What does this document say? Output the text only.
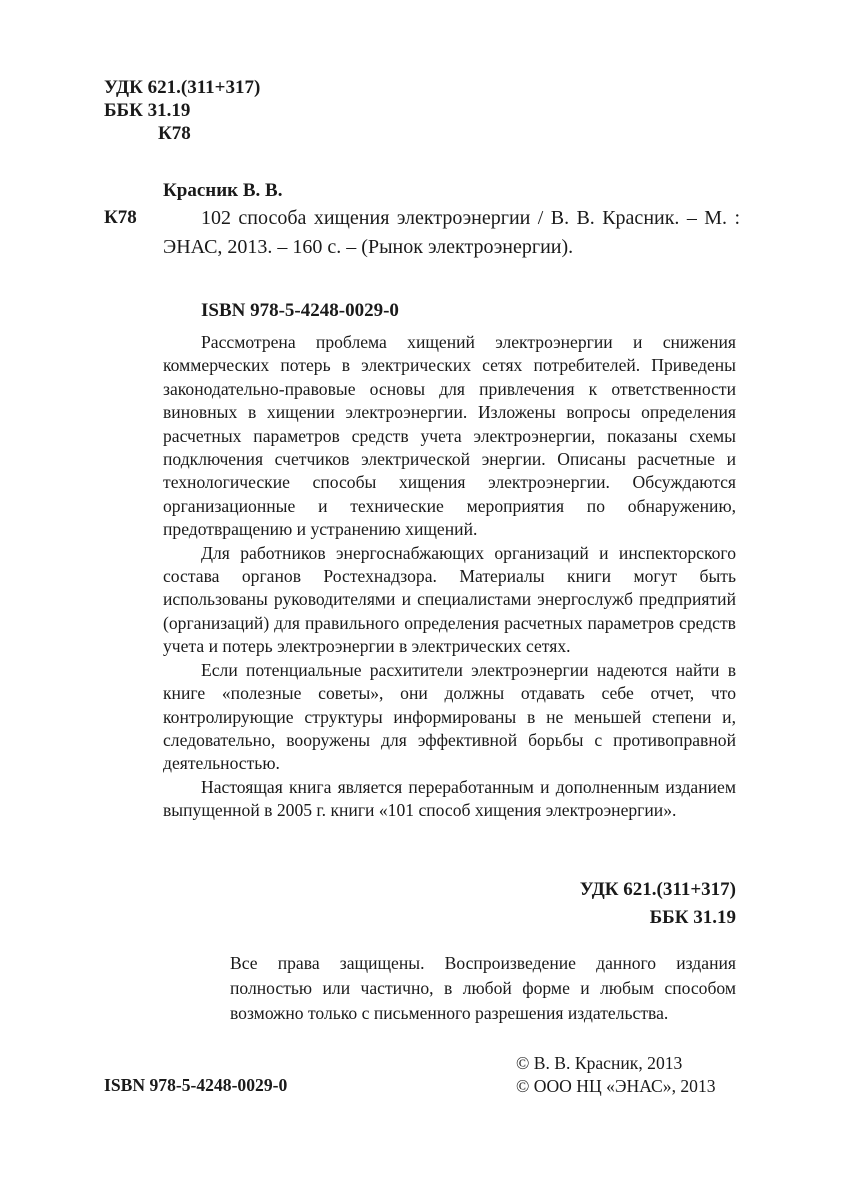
УДК 621.(311+317)
ББК 31.19
К78
Красник В. В.
К78	102 способа хищения электроэнергии / В. В. Красник. – М. : ЭНАС, 2013. – 160 с. – (Рынок электроэнергии).
ISBN 978-5-4248-0029-0

Рассмотрена проблема хищений электроэнергии и снижения коммерческих потерь в электрических сетях потребителей. Приведены законодательно-правовые основы для привлечения к ответственности виновных в хищении электроэнергии. Изложены вопросы определения расчетных параметров средств учета электроэнергии, показаны схемы подключения счетчиков электрической энергии. Описаны расчетные и технологические способы хищения электроэнергии. Обсуждаются организационные и технические мероприятия по обнаружению, предотвращению и устранению хищений.

Для работников энергоснабжающих организаций и инспекторского состава органов Ростехнадзора. Материалы книги могут быть использованы руководителями и специалистами энергослужб предприятий (организаций) для правильного определения расчетных параметров средств учета и потерь электроэнергии в электрических сетях.

Если потенциальные расхитители электроэнергии надеются найти в книге «полезные советы», они должны отдавать себе отчет, что контролирующие структуры информированы в не меньшей степени и, следовательно, вооружены для эффективной борьбы с противоправной деятельностью.

Настоящая книга является переработанным и дополненным изданием выпущенной в 2005 г. книги «101 способ хищения электроэнергии».

УДК 621.(311+317)
ББК 31.19
Все права защищены. Воспроизведение данного издания полностью или частично, в любой форме и любым способом возможно только с письменного разрешения издательства.
© В. В. Красник, 2013
© ООО НЦ «ЭНАС», 2013
ISBN 978-5-4248-0029-0
